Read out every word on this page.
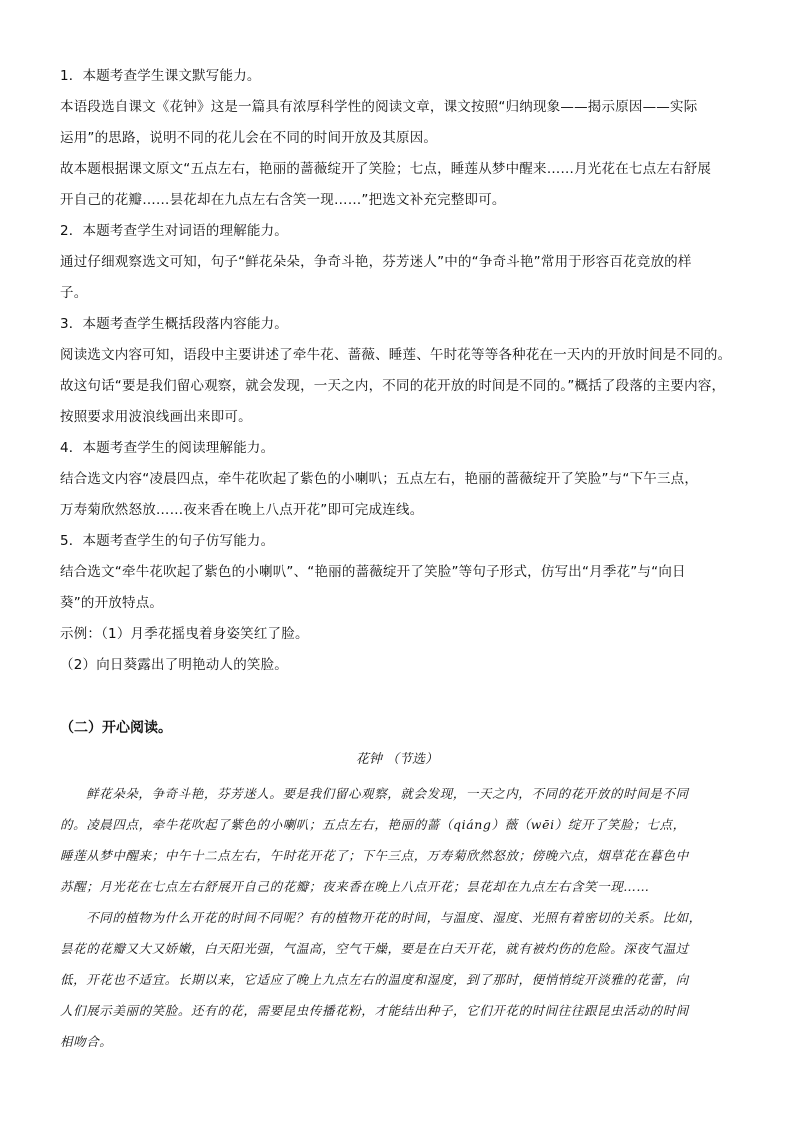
1．本题考查学生课文默写能力。
本语段选自课文《花钟》这是一篇具有浓厚科学性的阅读文章，课文按照“归纳现象——揭示原因——实际
运用”的思路，说明不同的花儿会在不同的时间开放及其原因。
故本题根据课文原文“五点左右，艳丽的蔷薇绽开了笑脸；七点，睡莲从梦中醒来……月光花在七点左右舒展
开自己的花瓣……昙花却在九点左右含笑一现……”把选文补充完整即可。
2．本题考查学生对词语的理解能力。
通过仔细观察选文可知，句子“鲜花朵朵，争奇斗艳，芬芳迷人”中的“争奇斗艳”常用于形容百花竞放的样
子。
3．本题考查学生概括段落内容能力。
阅读选文内容可知，语段中主要讲述了牵牛花、蔷薇、睡莲、午时花等等各种花在一天内的开放时间是不同的。
故这句话“要是我们留心观察，就会发现，一天之内，不同的花开放的时间是不同的。”概括了段落的主要内容，
按照要求用波浪线画出来即可。
4．本题考查学生的阅读理解能力。
结合选文内容“凌晨四点，牵牛花吹起了紫色的小喇叭；五点左右，艳丽的蔷薇绽开了笑脸”与“下午三点，
万寿菊欣然怒放……夜来香在晚上八点开花”即可完成连线。
5．本题考查学生的句子仿写能力。
结合选文“牵牛花吹起了紫色的小喇叭”、“艳丽的蔷薇绽开了笑脸”等句子形式，仿写出“月季花”与“向日
葵”的开放特点。
示例：（1）月季花摇曳着身姿笑红了脸。
（2）向日葵露出了明艳动人的笑脸。
（二）开心阅读。
花钟 （节选）
鲜花朵朵，争奇斗艳，芬芳迷人。要是我们留心观察，就会发现，一天之内，不同的花开放的时间是不同
的。凌晨四点，牵牛花吹起了紫色的小喇叭；五点左右，艳丽的蔷（qiáng）薇（wēi）绽开了笑脸；七点，
睡莲从梦中醒来；中午十二点左右，午时花开花了；下午三点，万寿菊欣然怒放；傍晚六点，烟草花在暮色中
苏醒；月光花在七点左右舒展开自己的花瓣；夜来香在晚上八点开花；昙花却在九点左右含笑一现……
不同的植物为什么开花的时间不同呢？有的植物开花的时间，与温度、湿度、光照有着密切的关系。比如，
昙花的花瓣又大又娇嫩，白天阳光强，气温高，空气干燥，要是在白天开花，就有被灼伤的危险。深夜气温过
低，开花也不适宜。长期以来，它适应了晚上九点左右的温度和湿度，到了那时，便悄悄绽开淡雅的花蕾，向
人们展示美丽的笑脸。还有的花，需要昆虫传播花粉，才能结出种子，它们开花的时间往往跟昆虫活动的时间
相吻合。
